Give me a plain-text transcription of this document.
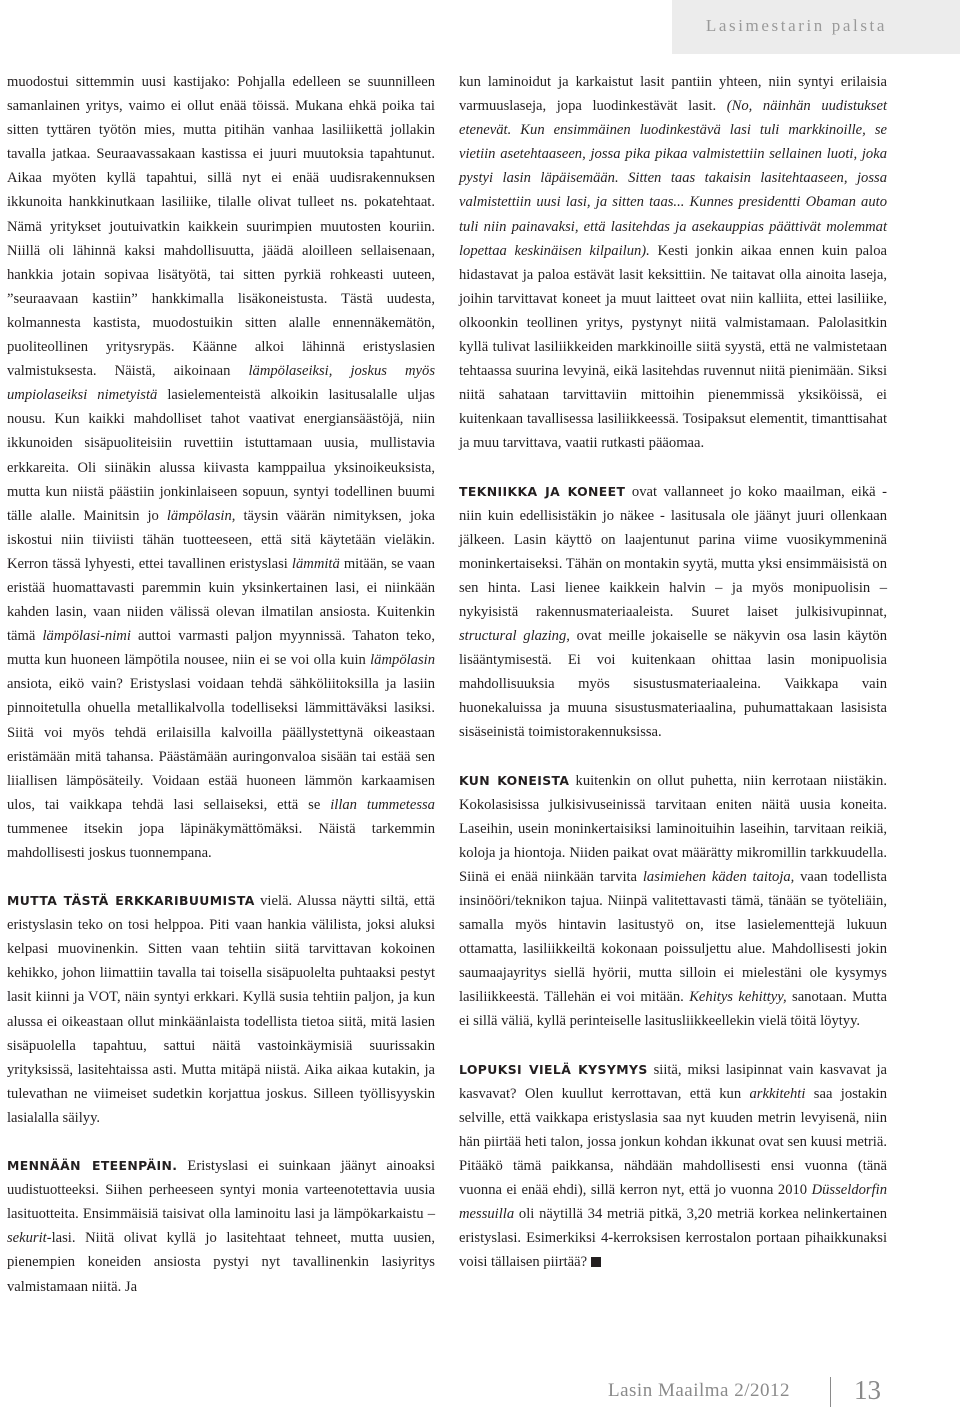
Lasimestarin palsta

muodostui sittemmin uusi kastijako: Pohjalla edelleen se suunnilleen samanlainen yritys, vaimo ei ollut enää töissä. Mukana ehkä poika tai sitten tyttären työtön mies, mutta pitihän vanhaa lasiliikettä jollakin tavalla jatkaa. Seuraavassakaan kastissa ei juuri muutoksia tapahtunut. Aikaa myöten kyllä tapahtui, sillä nyt ei enää uudisrakennuksen ikkunoita hankkinutkaan lasiliike, tilalle olivat tulleet ns. pokatehtaat. Nämä yritykset joutuivatkin kaikkein suurimpien muutosten kouriin. Niillä oli lähinnä kaksi mahdollisuutta, jäädä aloilleen sellaisenaan, hankkia jotain sopivaa lisätyötä, tai sitten pyrkiä rohkeasti uuteen, ”seuraavaan kastiin” hankkimalla lisäkoneistusta. Tästä uudesta, kolmannesta kastista, muodostuikin sitten alalle ennennäkemätön, puoliteollinen yritysrypäs. Käänne alkoi lähinnä eristyslasien valmistuksesta. Näistä, aikoinaan lämpölaseiksi, joskus myös umpiolaseiksi nimetyistä lasielementeistä alkoikin lasitusalalle uljas nousu. Kun kaikki mahdolliset tahot vaativat energiansäästöjä, niin ikkunoiden sisäpuoliteisiin ruvettiin istuttamaan uusia, mullistavia erkkareita. Oli siinäkin alussa kiivasta kamppailua yksinoikeuksista, mutta kun niistä päästiin jonkinlaiseen sopuun, syntyi todellinen buumi tälle alalle. Mainitsin jo lämpölasin, täysin väärän nimityksen, joka iskostui niin tiiviisti tähän tuotteeseen, että sitä käytetään vieläkin. Kerron tässä lyhyesti, ettei tavallinen eristyslasi lämmitä mitään, se vaan eristää huomattavasti paremmin kuin yksinkertainen lasi, ei niinkään kahden lasin, vaan niiden välissä olevan ilmatilan ansiosta. Kuitenkin tämä lämpölasi-nimi auttoi varmasti paljon myynnissä. Tahaton teko, mutta kun huoneen lämpötila nousee, niin ei se voi olla kuin lämpölasin ansiota, eikö vain? Eristyslasi voidaan tehdä sähköliitoksilla ja lasiin pinnoitetulla ohuella metallikalvolla todelliseksi lämmittäväksi lasiksi. Siitä voi myös tehdä erilaisilla kalvoilla päällystettynä oikeastaan eristämään mitä tahansa. Päästämään auringonvaloa sisään tai estää sen liiallisen lämpösäteily. Voidaan estää huoneen lämmön karkaamisen ulos, tai vaikkapa tehdä lasi sellaiseksi, että se illan tummetessa tummenee itsekin jopa läpinäkymättömäksi. Näistä tarkemmin mahdollisesti joskus tuonnempana.

MUTTA TÄSTÄ ERKKARIBUUMISTA vielä. Alussa näytti siltä, että eristyslasin teko on tosi helppoa. Piti vaan hankia välilista, joksi aluksi kelpasi muovinenkin. Sitten vaan tehtiin siitä tarvittavan kokoinen kehikko, johon liimattiin tavalla tai toisella sisäpuolelta puhtaaksi pestyt lasit kiinni ja VOT, näin syntyi erkkari. Kyllä susia tehtiin paljon, ja kun alussa ei oikeastaan ollut minkäänlaista todellista tietoa siitä, mitä lasien sisäpuolella tapahtuu, sattui näitä vastoinkäymisiä suurissakin yrityksissä, lasitehtaissa asti. Mutta mitäpä niistä. Aika aikaa kutakin, ja tulevathan ne viimeiset sudetkin korjattua joskus. Silleen työllisyyskin lasialalla säilyy.

MENNÄÄN ETEENPÄIN. Eristyslasi ei suinkaan jäänyt ainoaksi uudistuotteeksi. Siihen perheeseen syntyi monia varteenotettavia uusia lasituotteita. Ensimmäisiä taisivat olla laminoitu lasi ja lämpökarkaistu – sekurit-lasi. Niitä olivat kyllä jo lasitehtaat tehneet, mutta uusien, pienempien koneiden ansiosta pystyi nyt tavallinenkin lasiyritys valmistamaan niitä. Ja

kun laminoidut ja karkaistut lasit pantiin yhteen, niin syntyi erilaisia varmuuslaseja, jopa luodinkestävät lasit. (No, näinhän uudistukset etenevät. Kun ensimmäinen luodinkestävä lasi tuli markkinoille, se vietiin asetehtaaseen, jossa pika pikaa valmistettiin sellainen luoti, joka pystyi lasin läpäisemään. Sitten taas takaisin lasitehtaaseen, jossa valmistettiin uusi lasi, ja sitten taas... Kunnes presidentti Obaman auto tuli niin painavaksi, että lasitehdas ja asekauppias päättivät molemmat lopettaa keskinäisen kilpailun). Kesti jonkin aikaa ennen kuin paloa hidastavat ja paloa estävät lasit keksittiin. Ne taitavat olla ainoita laseja, joihin tarvittavat koneet ja muut laitteet ovat niin kalliita, ettei lasiliike, olkoonkin teollinen yritys, pystynyt niitä valmistamaan. Palolasitkin kyllä tulivat lasiliikkeiden markkinoille siitä syystä, että ne valmistetaan tehtaassa suurina levyinä, eikä lasitehdas ruvennut niitä pienimään. Siksi niitä sahataan tarvittaviin mittoihin pienemmissä yksiköissä, ei kuitenkaan tavallisessa lasiliikkeessä. Tosipaksut elementit, timanttisahat ja muu tarvittava, vaatii rutkasti pääomaa.

TEKNIIKKA JA KONEET ovat vallanneet jo koko maailman, eikä - niin kuin edellisistäkin jo näkee - lasitusala ole jäänyt juuri ollenkaan jälkeen. Lasin käyttö on laajentunut parina viime vuosikymmeninä moninkertaiseksi. Tähän on montakin syytä, mutta yksi ensimmäisistä on sen hinta. Lasi lienee kaikkein halvin – ja myös monipuolisin – nykyisistä rakennusmateriaaleista. Suuret laiset julkisivupinnat, structural glazing, ovat meille jokaiselle se näkyvin osa lasin käytön lisääntymisestä. Ei voi kuitenkaan ohittaa lasin monipuolisia mahdollisuuksia myös sisustusmateriaaleina. Vaikkapa vain huonekaluissa ja muuna sisustusmateriaalina, puhumattakaan lasisista sisäseinistä toimistorakennuksissa.

KUN KONEISTA kuitenkin on ollut puhetta, niin kerrotaan niistäkin. Kokolasisissa julkisivuseinissä tarvitaan eniten näitä uusia koneita. Laseihin, usein moninkertaisiksi laminoituihin laseihin, tarvitaan reikiä, koloja ja hiontoja. Niiden paikat ovat määrätty mikromillin tarkkuudella. Siinä ei enää niinkään tarvita lasimiehen käden taitoja, vaan todellista insinööri/teknikon tajua. Niinpä valitettavasti tämä, tänään se työteliäin, samalla myös hintavin lasitustyö on, itse lasielementtejä lukuun ottamatta, lasiliikkeiltä kokonaan poissuljettu alue. Mahdollisesti jokin saumaajayritys siellä hyörii, mutta silloin ei mielestäni ole kysymys lasiliikkeestä. Tällehän ei voi mitään. Kehitys kehittyy, sanotaan. Mutta ei sillä väliä, kyllä perinteiselle lasitusliikkeellekin vielä töitä löytyy.

LOPUKSI VIELÄ KYSYMYS siitä, miksi lasipinnat vain kasvavat ja kasvavat? Olen kuullut kerrottavan, että kun arkkitehti saa jostakin selville, että vaikkapa eristyslasia saa nyt kuuden metrin levyisenä, niin hän piirtää heti talon, jossa jonkun kohdan ikkunat ovat sen kuusi metriä. Pitääkö tämä paikkansa, nähdään mahdollisesti ensi vuonna (tänä vuonna ei enää ehdi), sillä kerron nyt, että jo vuonna 2010 Düsseldorfin messuilla oli näytillä 34 metriä pitkä, 3,20 metriä korkea nelinkertainen eristyslasi. Esimerkiksi 4-kerroksisen kerrostalon portaan pihaikkunaksi voisi tällaisen piirtää?

Lasin Maailma 2/2012 13
